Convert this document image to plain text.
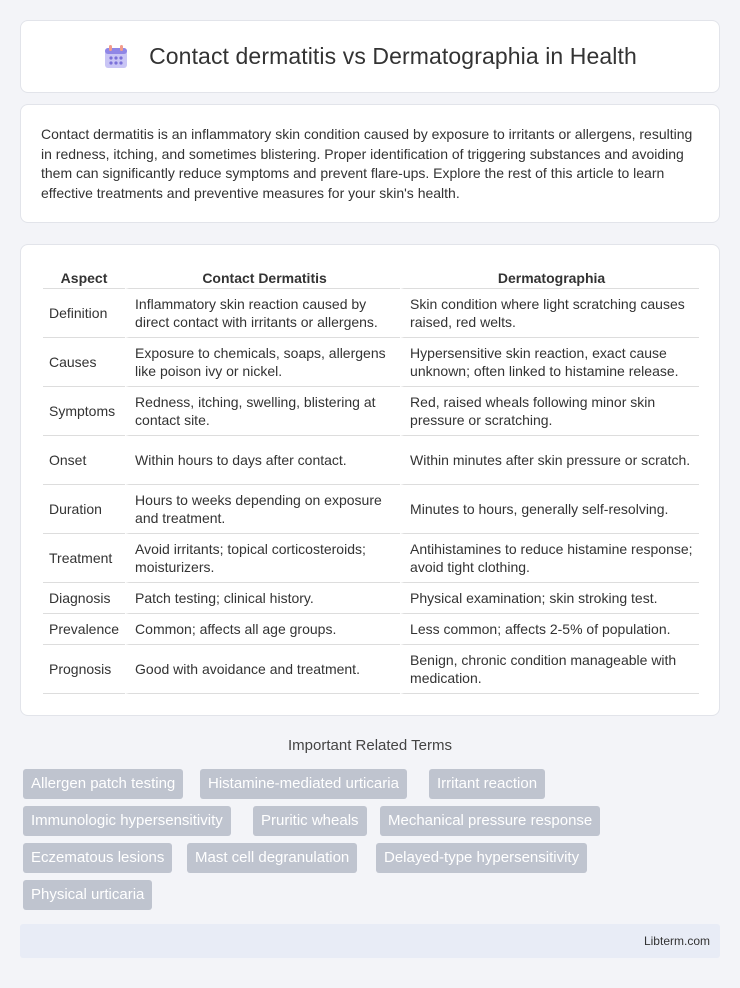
Contact dermatitis vs Dermatographia in Health

Contact dermatitis is an inflammatory skin condition caused by exposure to irritants or allergens, resulting in redness, itching, and sometimes blistering. Proper identification of triggering substances and avoiding them can significantly reduce symptoms and prevent flare-ups. Explore the rest of this article to learn effective treatments and preventive measures for your skin's health.

Aspect	Contact Dermatitis	Dermatographia
Definition	Inflammatory skin reaction caused by direct contact with irritants or allergens.	Skin condition where light scratching causes raised, red welts.
Causes	Exposure to chemicals, soaps, allergens like poison ivy or nickel.	Hypersensitive skin reaction, exact cause unknown; often linked to histamine release.
Symptoms	Redness, itching, swelling, blistering at contact site.	Red, raised wheals following minor skin pressure or scratching.
Onset	Within hours to days after contact.	Within minutes after skin pressure or scratch.
Duration	Hours to weeks depending on exposure and treatment.	Minutes to hours, generally self-resolving.
Treatment	Avoid irritants; topical corticosteroids; moisturizers.	Antihistamines to reduce histamine response; avoid tight clothing.
Diagnosis	Patch testing; clinical history.	Physical examination; skin stroking test.
Prevalence	Common; affects all age groups.	Less common; affects 2-5% of population.
Prognosis	Good with avoidance and treatment.	Benign, chronic condition manageable with medication.
Important Related Terms
Allergen patch testing	Histamine-mediated urticaria	Irritant reaction
Immunologic hypersensitivity	Pruritic wheals	Mechanical pressure response
Eczematous lesions	Mast cell degranulation	Delayed-type hypersensitivity
Physical urticaria
Libterm.com
